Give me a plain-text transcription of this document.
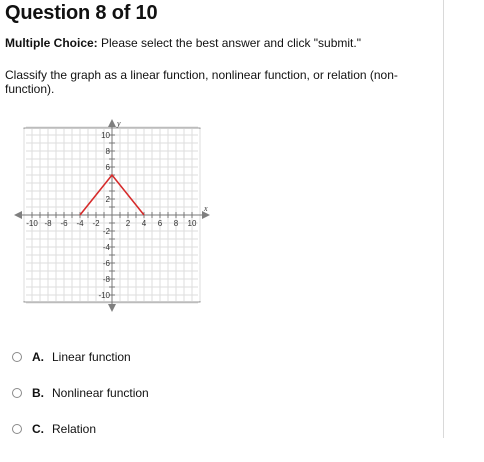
Question 8 of 10
Multiple Choice: Please select the best answer and click "submit."
Classify the graph as a linear function, nonlinear function, or relation (non-function).
-10 -8 -6 -4 -2	2 4 6 8 10
10
8
6
2
-2
-4
-6
-8
-10
x
y
A. Linear function
B. Nonlinear function
C. Relation
